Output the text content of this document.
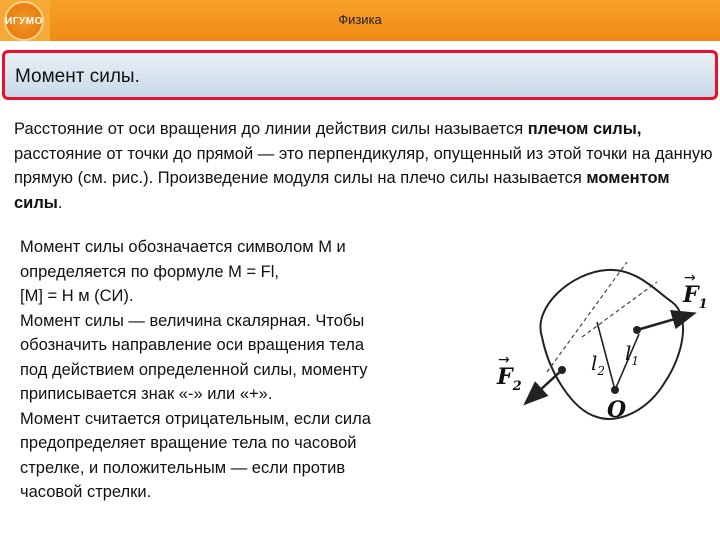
ИГУМО	Физика
Момент силы.
Расстояние от оси вращения до линии действия силы называется плечом силы, расстояние от точки до прямой — это перпендикуляр, опущенный из этой точки на данную прямую (см. рис.). Произведение модуля силы на плечо силы называется моментом силы.
Момент силы обозначается символом M и
определяется по формуле M = Fl,
[M] = Н м (СИ).
Момент силы — величина скалярная. Чтобы
обозначить направление оси вращения тела
под действием определенной силы, моменту
приписывается знак «-» или «+».
Момент считается отрицательным, если сила
предопределяет вращение тела по часовой
стрелке, и положительным — если против
часовой стрелки.
$F_1$
→
$F_2$
→	$l_1$
$l_2$
O
